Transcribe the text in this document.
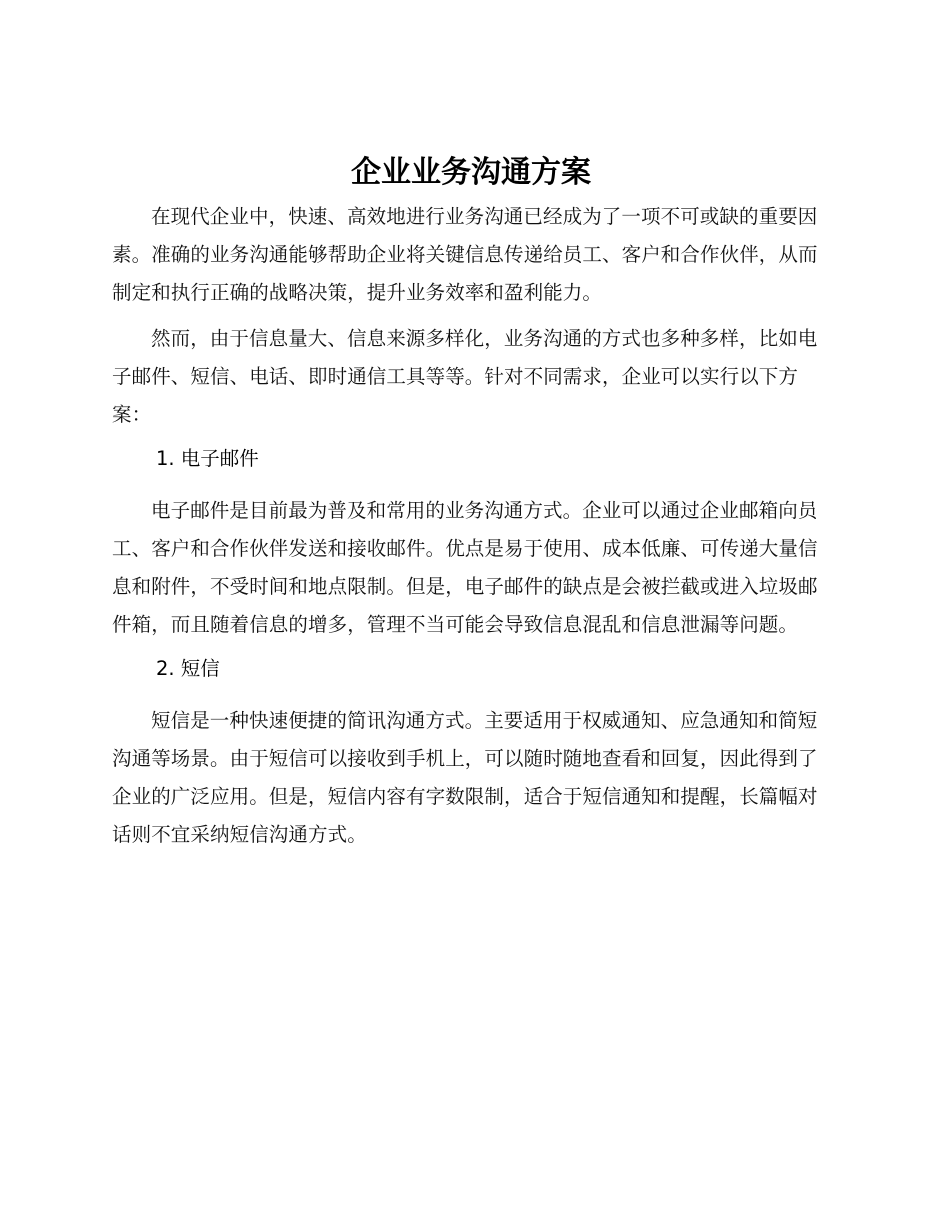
企业业务沟通方案

在现代企业中，快速、高效地进行业务沟通已经成为了一项不可或缺的重要因素。准确的业务沟通能够帮助企业将关键信息传递给员工、客户和合作伙伴，从而制定和执行正确的战略决策，提升业务效率和盈利能力。

然而，由于信息量大、信息来源多样化，业务沟通的方式也多种多样，比如电子邮件、短信、电话、即时通信工具等等。针对不同需求，企业可以实行以下方案：

1. 电子邮件

电子邮件是目前最为普及和常用的业务沟通方式。企业可以通过企业邮箱向员工、客户和合作伙伴发送和接收邮件。优点是易于使用、成本低廉、可传递大量信息和附件，不受时间和地点限制。但是，电子邮件的缺点是会被拦截或进入垃圾邮件箱，而且随着信息的增多，管理不当可能会导致信息混乱和信息泄漏等问题。

2. 短信

短信是一种快速便捷的简讯沟通方式。主要适用于权威通知、应急通知和简短沟通等场景。由于短信可以接收到手机上，可以随时随地查看和回复，因此得到了企业的广泛应用。但是，短信内容有字数限制，适合于短信通知和提醒，长篇幅对话则不宜采纳短信沟通方式。
